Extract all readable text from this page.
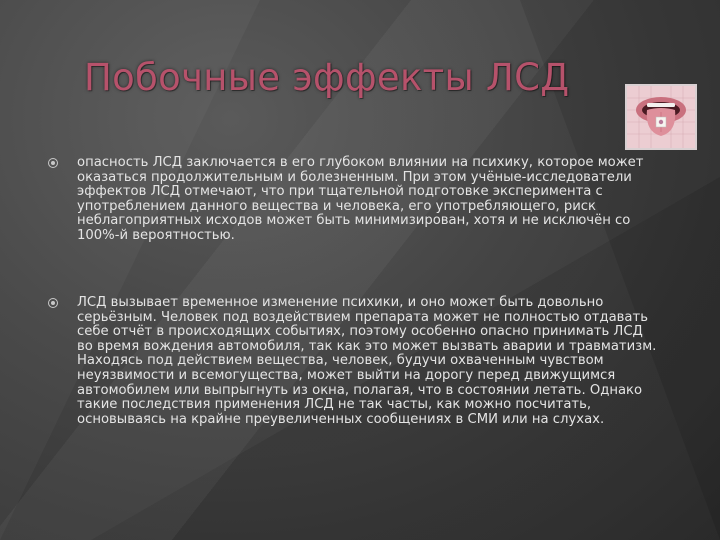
Побочные эффекты ЛСД

опасность ЛСД заключается в его глубоком влиянии на психику, которое может оказаться продолжительным и болезненным. При этом учёные-исследователи эффектов ЛСД отмечают, что при тщательной подготовке эксперимента с употреблением данного вещества и человека, его употребляющего, риск неблагоприятных исходов может быть минимизирован, хотя и не исключён со 100%-й вероятностью.

ЛСД вызывает временное изменение психики, и оно может быть довольно серьёзным. Человек под воздействием препарата может не полностью отдавать себе отчёт в происходящих событиях, поэтому особенно опасно принимать ЛСД во время вождения автомобиля, так как это может вызвать аварии и травматизм. Находясь под действием вещества, человек, будучи охваченным чувством неуязвимости и всемогущества, может выйти на дорогу перед движущимся автомобилем или выпрыгнуть из окна, полагая, что в состоянии летать. Однако такие последствия применения ЛСД не так часты, как можно посчитать, основываясь на крайне преувеличенных сообщениях в СМИ или на слухах.
